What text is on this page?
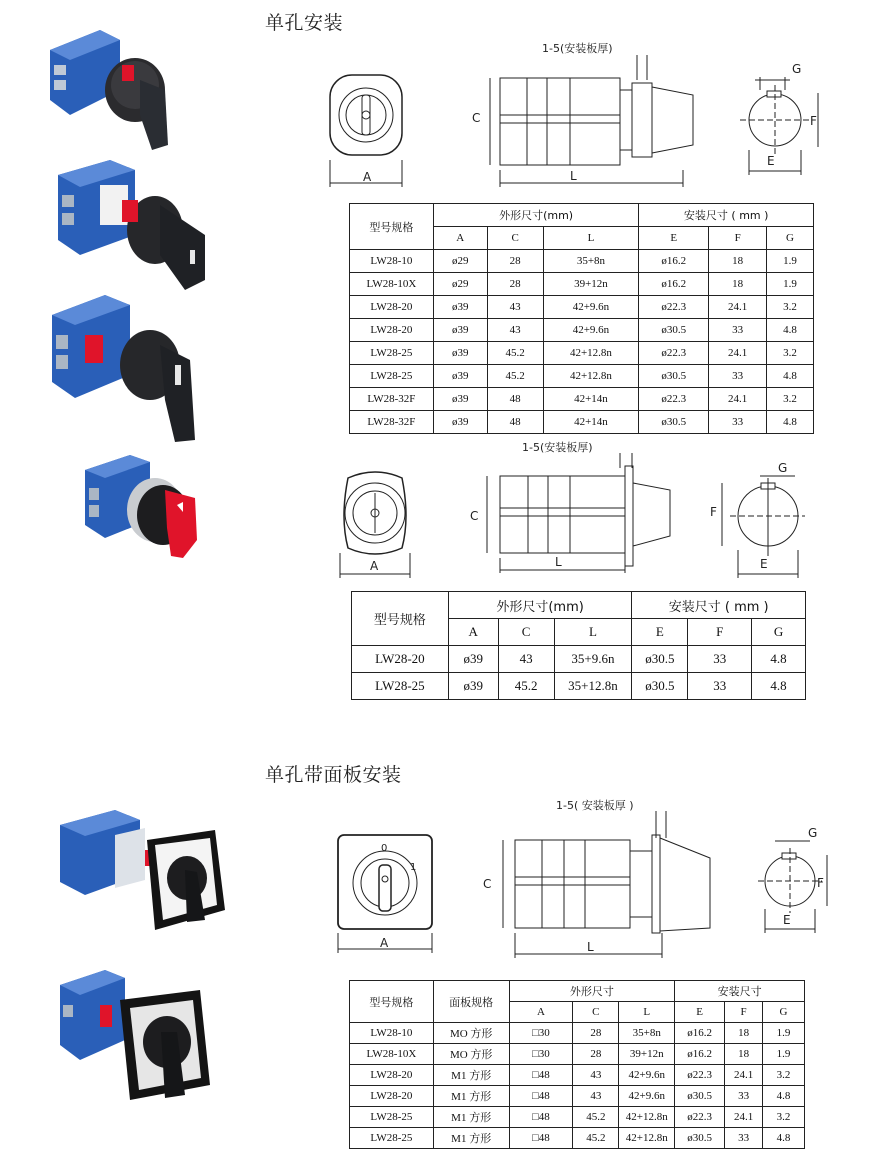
单孔安装
单孔带面板安装
A
1-5(安装板厚)
C
L
G
F
E
型号规格	外形尺寸(mm)			安装尺寸 ( mm )		
	A	C	L	E	F	G
LW28-10	ø29	28	35+8n	ø16.2	18	1.9
LW28-10X	ø29	28	39+12n	ø16.2	18	1.9
LW28-20	ø39	43	42+9.6n	ø22.3	24.1	3.2
LW28-20	ø39	43	42+9.6n	ø30.5	33	4.8
LW28-25	ø39	45.2	42+12.8n	ø22.3	24.1	3.2
LW28-25	ø39	45.2	42+12.8n	ø30.5	33	4.8
LW28-32F	ø39	48	42+14n	ø22.3	24.1	3.2
LW28-32F	ø39	48	42+14n	ø30.5	33	4.8
A
1-5(安装板厚)
C
L
G
F
E
型号规格	外形尺寸(mm)			安装尺寸 ( mm )		
	A	C	L	E	F	G
LW28-20	ø39	43	35+9.6n	ø30.5	33	4.8
LW28-25	ø39	45.2	35+12.8n	ø30.5	33	4.8
0
1
A
1-5( 安装板厚 )
C
L
G
F
E
型号规格	面板规格	外形尺寸			安装尺寸		
		A	C	L	E	F	G
LW28-10	MO 方形	□30	28	35+8n	ø16.2	18	1.9
LW28-10X	MO 方形	□30	28	39+12n	ø16.2	18	1.9
LW28-20	M1 方形	□48	43	42+9.6n	ø22.3	24.1	3.2
LW28-20	M1 方形	□48	43	42+9.6n	ø30.5	33	4.8
LW28-25	M1 方形	□48	45.2	42+12.8n	ø22.3	24.1	3.2
LW28-25	M1 方形	□48	45.2	42+12.8n	ø30.5	33	4.8
